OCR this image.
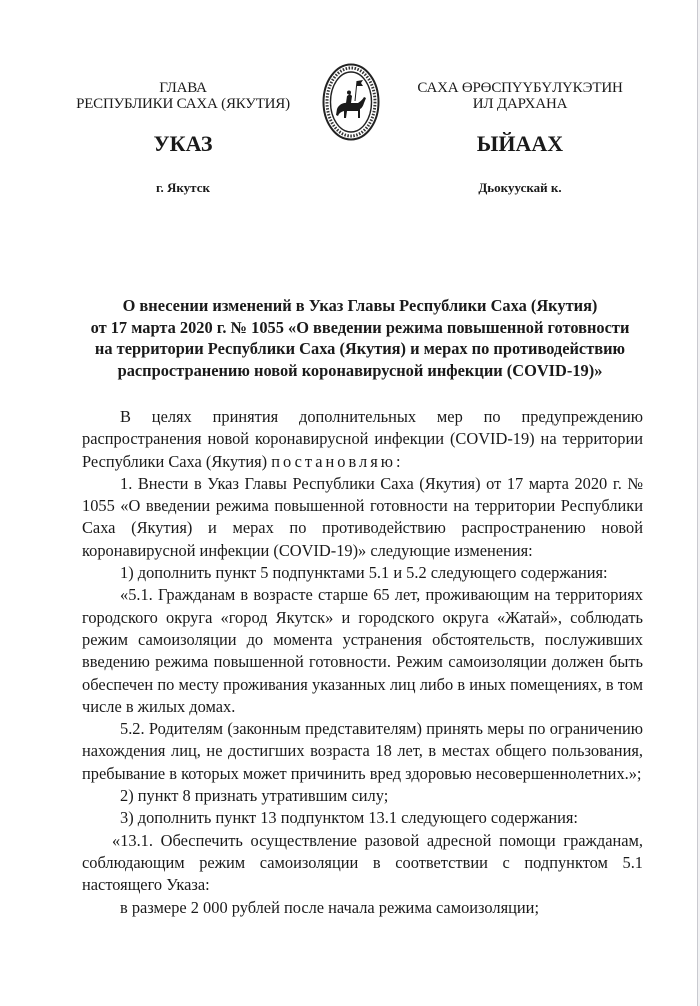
ГЛАВА
РЕСПУБЛИКИ САХА (ЯКУТИЯ)
УКАЗ
г. Якутск
САХА ӨРӨСПҮҮБҮЛҮКЭТИН
ИЛ ДАРХАНА
ЫЙААХ
Дьокуускай к.
О внесении изменений в Указ Главы Республики Саха (Якутия)
от 17 марта 2020 г. № 1055 «О введении режима повышенной готовности
на территории Республики Саха (Якутия) и мерах по противодействию
распространению новой коронавирусной инфекции (COVID-19)»

В целях принятия дополнительных мер по предупреждению распространения новой коронавирусной инфекции (COVID-19) на территории Республики Саха (Якутия) постановляю:

1. Внести в Указ Главы Республики Саха (Якутия) от 17 марта 2020 г. № 1055 «О введении режима повышенной готовности на территории Республики Саха (Якутия) и мерах по противодействию распространению новой коронавирусной инфекции (COVID-19)» следующие изменения:

1) дополнить пункт 5 подпунктами 5.1 и 5.2 следующего содержания:

«5.1. Гражданам в возрасте старше 65 лет, проживающим на территориях городского округа «город Якутск» и городского округа «Жатай», соблюдать режим самоизоляции до момента устранения обстоятельств, послуживших введению режима повышенной готовности. Режим самоизоляции должен быть обеспечен по месту проживания указанных лиц либо в иных помещениях, в том числе в жилых домах.

5.2. Родителям (законным представителям) принять меры по ограничению нахождения лиц, не достигших возраста 18 лет, в местах общего пользования, пребывание в которых может причинить вред здоровью несовершеннолетних.»;

2) пункт 8 признать утратившим силу;

3) дополнить пункт 13 подпунктом 13.1 следующего содержания:

«13.1. Обеспечить осуществление разовой адресной помощи гражданам, соблюдающим режим самоизоляции в соответствии с подпунктом 5.1 настоящего Указа:

в размере 2 000 рублей после начала режима самоизоляции;
